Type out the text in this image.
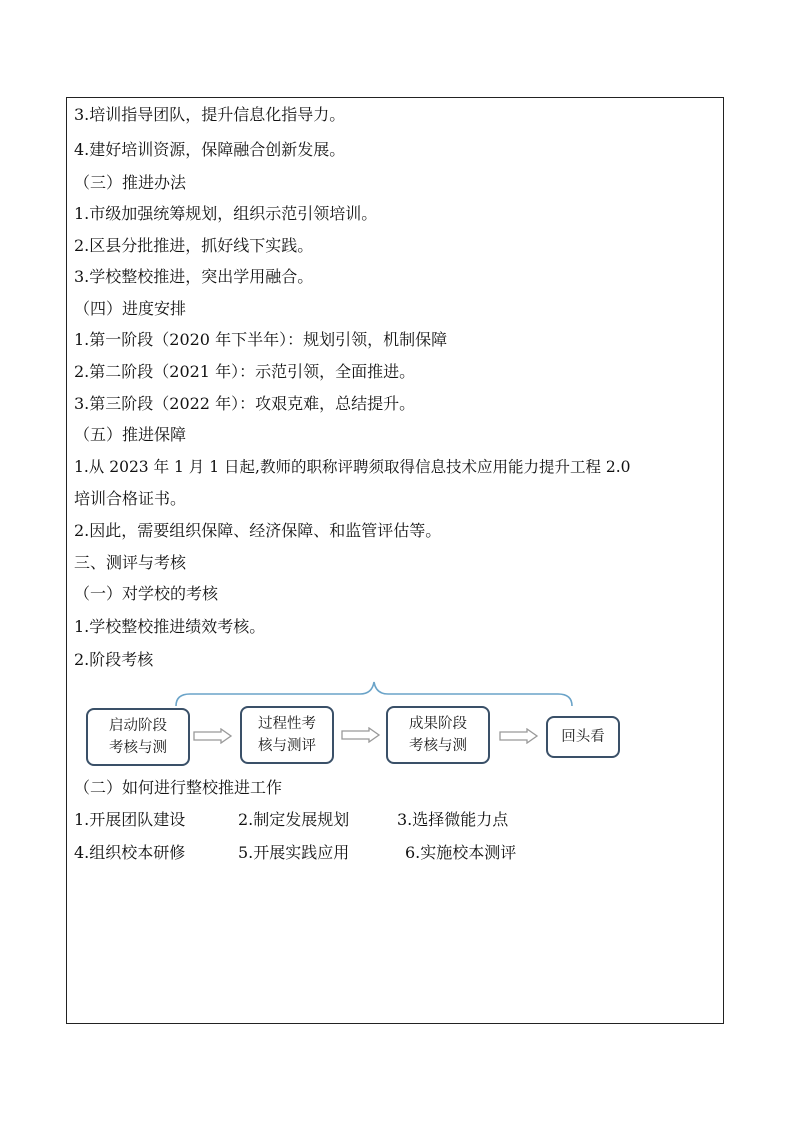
3.培训指导团队，提升信息化指导力。
4.建好培训资源，保障融合创新发展。
（三）推进办法
1.市级加强统筹规划，组织示范引领培训。
2.区县分批推进，抓好线下实践。
3.学校整校推进，突出学用融合。
（四）进度安排
1.第一阶段（2020 年下半年）：规划引领，机制保障
2.第二阶段（2021 年）：示范引领，全面推进。
3.第三阶段（2022 年）：攻艰克难，总结提升。
（五）推进保障
1.从 2023 年 1 月 1 日起,教师的职称评聘须取得信息技术应用能力提升工程 2.0
培训合格证书。
2.因此，需要组织保障、经济保障、和监管评估等。
三、测评与考核
（一）对学校的考核
1.学校整校推进绩效考核。
2.阶段考核
启动阶段
考核与测
过程性考
核与测评
成果阶段
考核与测
回头看
（二）如何进行整校推进工作
1.开展团队建设	2.制定发展规划	3.选择微能力点
4.组织校本研修	5.开展实践应用	6.实施校本测评
